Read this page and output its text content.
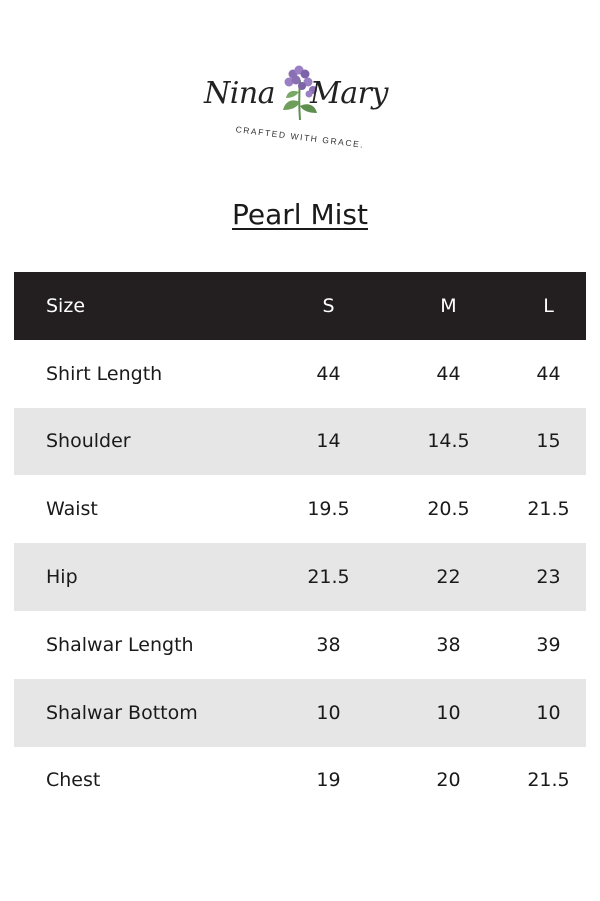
Nina Mary
CRAFTED WITH GRACE.
Pearl Mist
Size	S	M	L
Shirt Length	44	44	44
Shoulder	14	14.5	15
Waist	19.5	20.5	21.5
Hip	21.5	22	23
Shalwar Length	38	38	39
Shalwar Bottom	10	10	10
Chest	19	20	21.5
